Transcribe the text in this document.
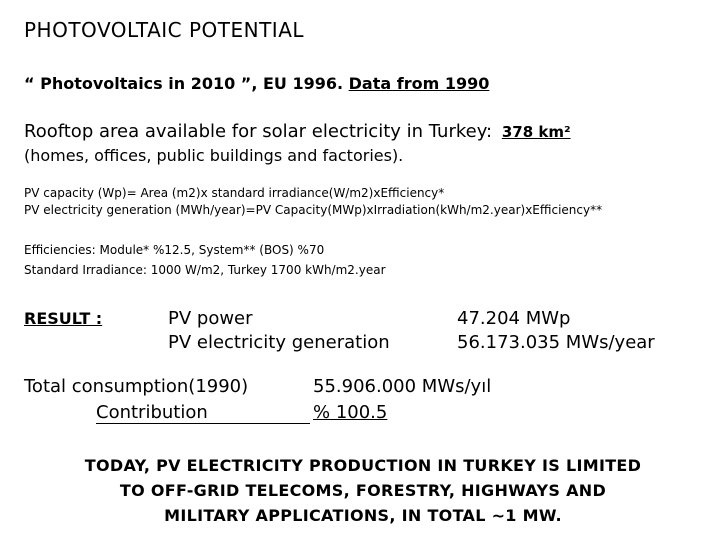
PHOTOVOLTAIC POTENTIAL
“ Photovoltaics in 2010 ”, EU 1996. Data from 1990
Rooftop area available for solar electricity in Turkey: 378 km²
(homes, offices, public buildings and factories).
PV capacity (Wp)= Area (m2)x standard irradiance(W/m2)xEfficiency*
PV electricity generation (MWh/year)=PV Capacity(MWp)xIrradiation(kWh/m2.year)xEfficiency**
Efficiencies: Module* %12.5, System** (BOS) %70
Standard Irradiance: 1000 W/m2, Turkey 1700 kWh/m2.year
RESULT :	PV power
PV electricity generation
47.204 MWp
56.173.035 MWs/year
Total consumption(1990)
Contribution
55.906.000 MWs/yıl
% 100.5
TODAY, PV ELECTRICITY PRODUCTION IN TURKEY IS LIMITED
TO OFF-GRID TELECOMS, FORESTRY, HIGHWAYS AND
MILITARY APPLICATIONS, IN TOTAL ~1 MW.
